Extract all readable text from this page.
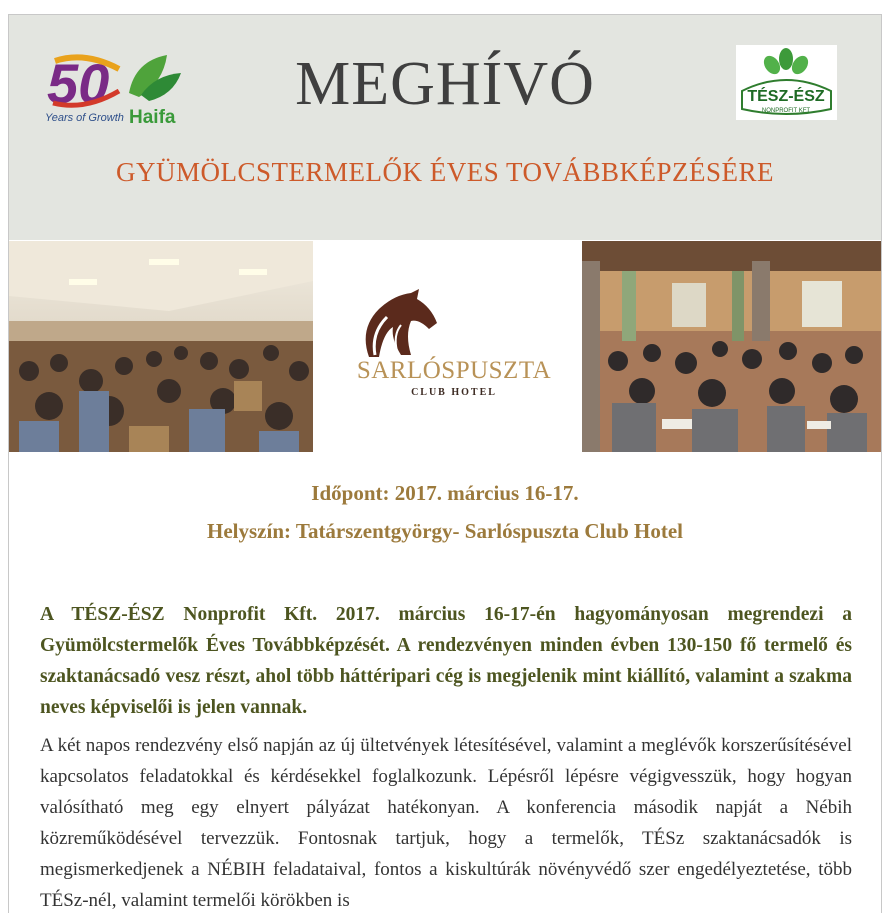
50
Years of Growth Haifa	MEGHÍVÓ	TÉSZ-ÉSZ
NONPROFIT KFT
GYÜMÖLCSTERMELŐK ÉVES TOVÁBBKÉPZÉSÉRE
SARLÓSPUSZTA
CLUB HOTEL
Időpont: 2017. március 16-17.
Helyszín: Tatárszentgyörgy- Sarlóspuszta Club Hotel
A TÉSZ-ÉSZ Nonprofit Kft. 2017. március 16-17-én hagyományosan megrendezi a Gyümölcstermelők Éves Továbbképzését. A rendezvényen minden évben 130-150 fő termelő és szaktanácsadó vesz részt, ahol több háttéripari cég is megjelenik mint kiállító, valamint a szakma neves képviselői is jelen vannak.
A két napos rendezvény első napján az új ültetvények létesítésével, valamint a meglévők korszerűsítésével kapcsolatos feladatokkal és kérdésekkel foglalkozunk. Lépésről lépésre végigvesszük, hogy hogyan valósítható meg egy elnyert pályázat hatékonyan. A konferencia második napját a Nébih közreműködésével tervezzük. Fontosnak tartjuk, hogy a termelők, TÉSz szaktanácsadók is megismerkedjenek a NÉBIH feladataival, fontos a kiskultúrák növényvédő szer engedélyeztetése, több TÉSz-nél, valamint termelői körökben is
